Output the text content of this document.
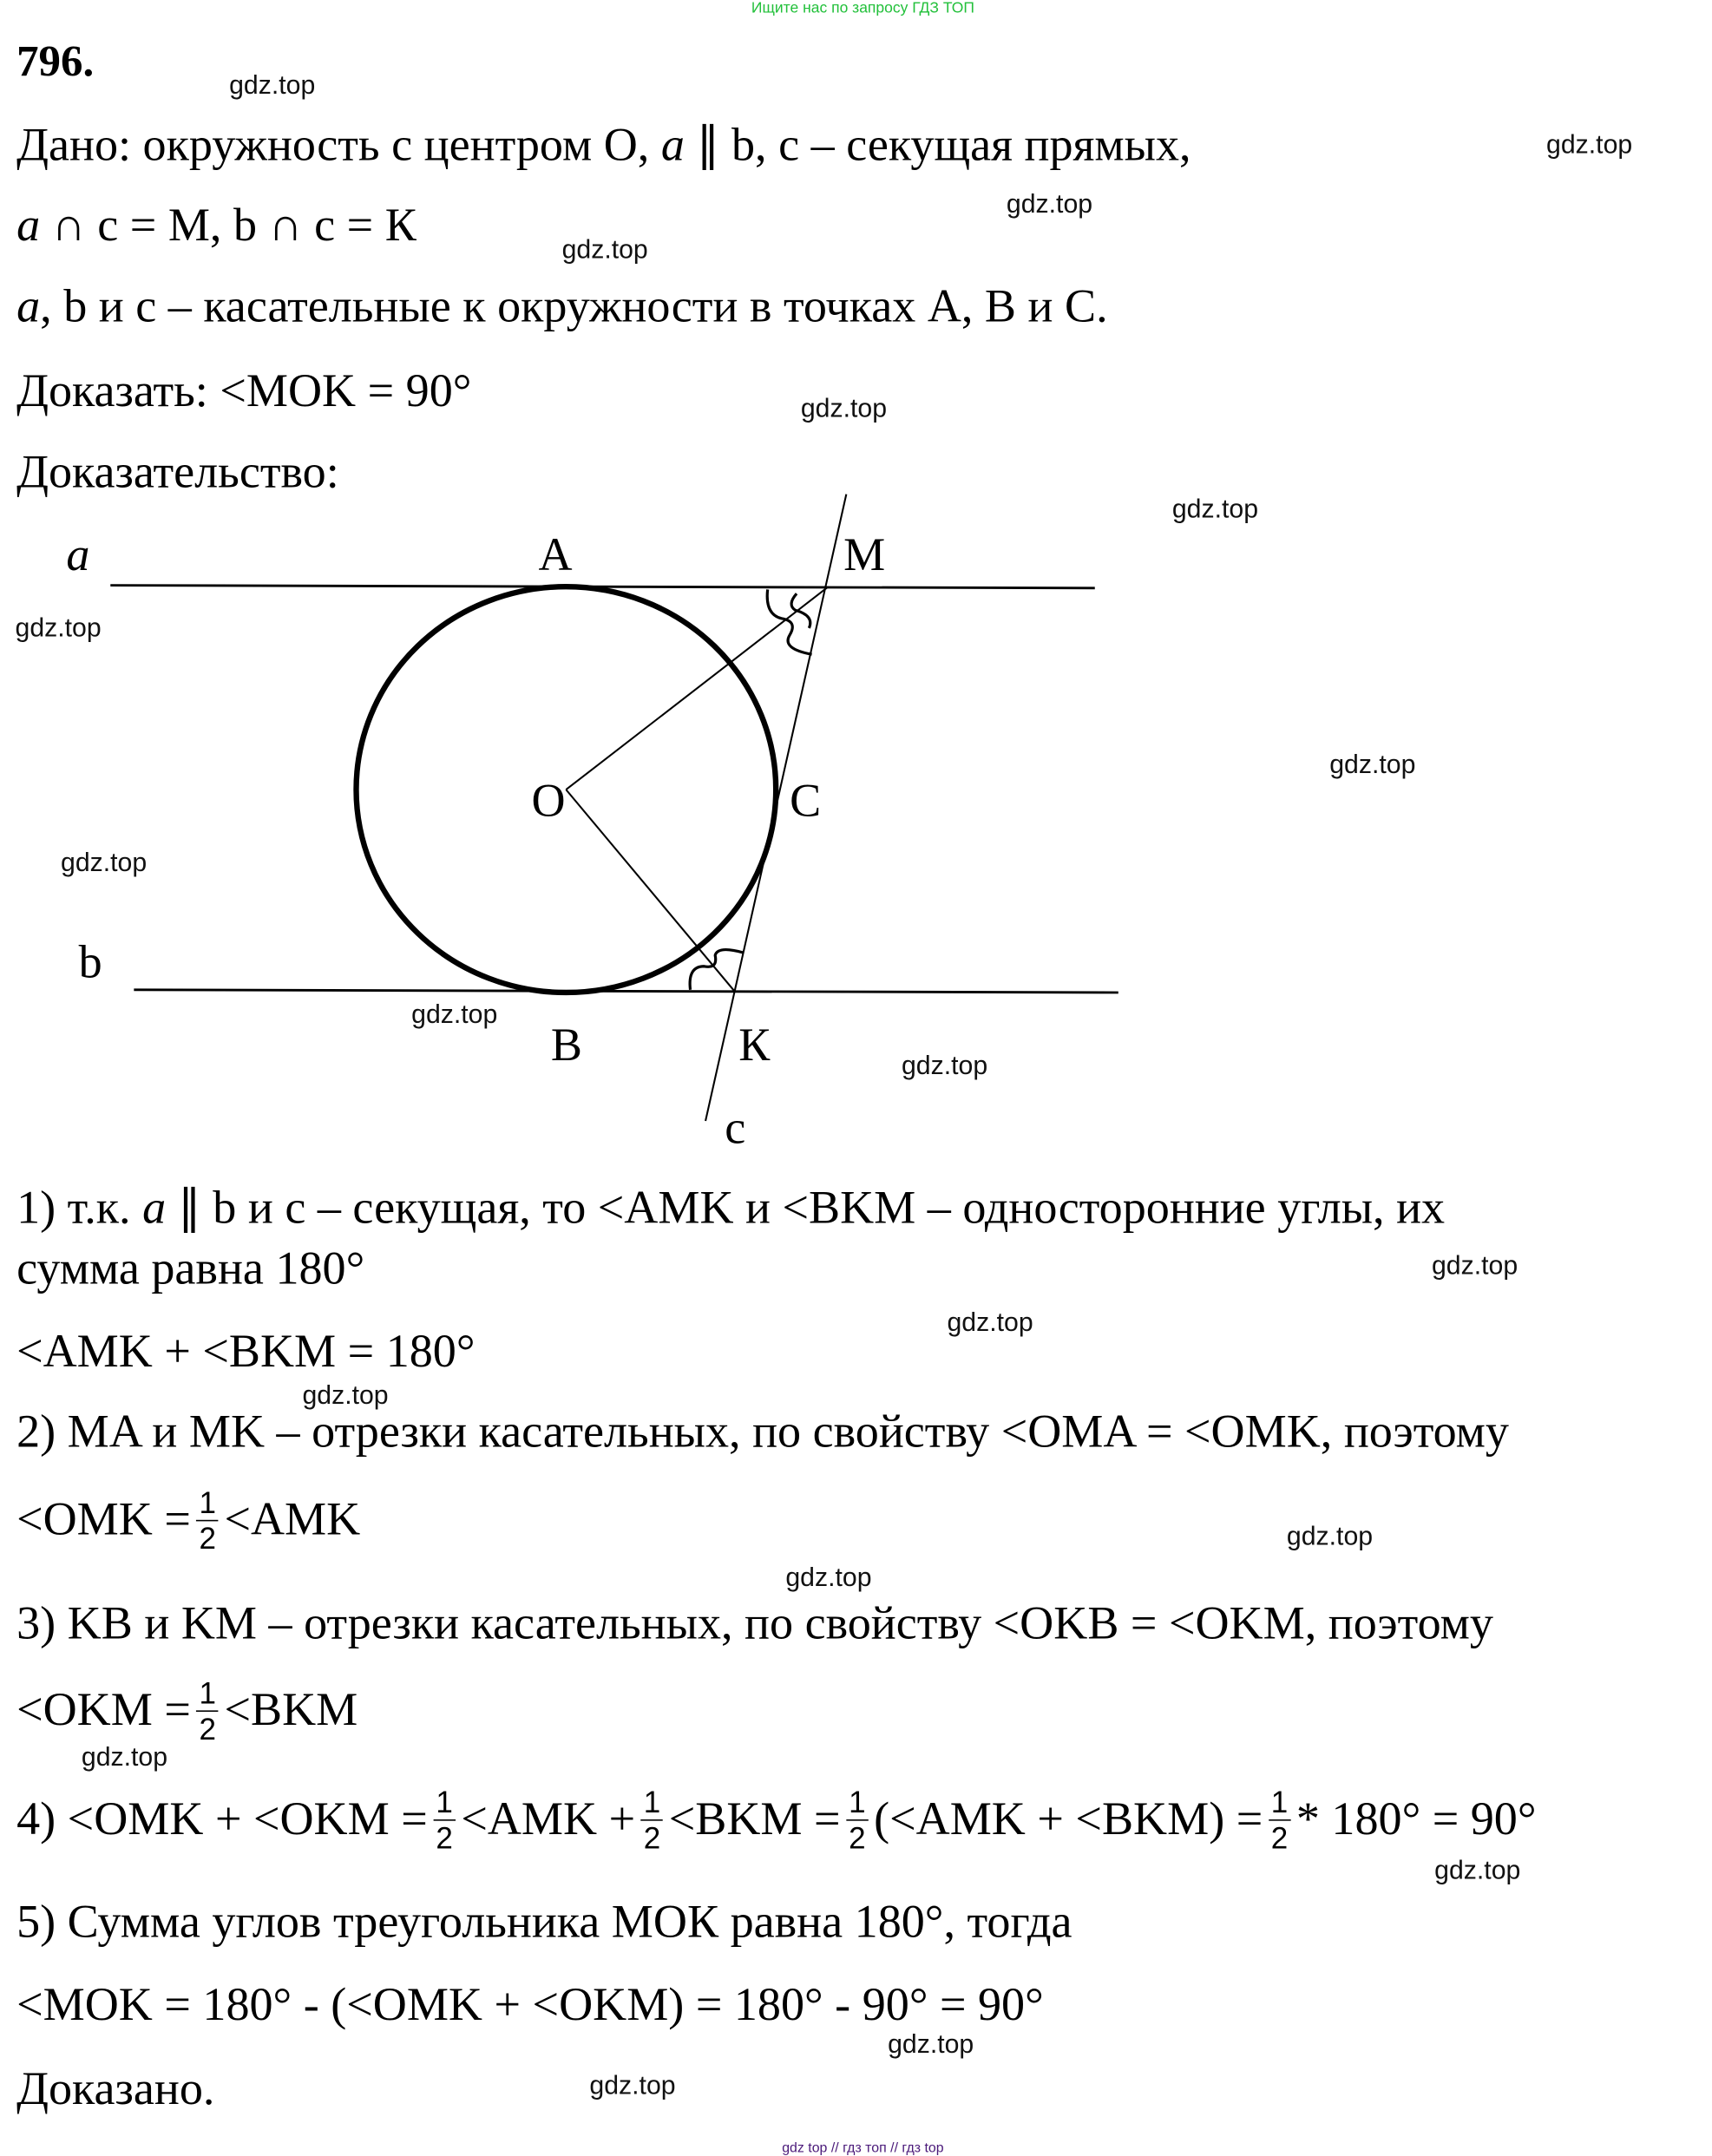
Ищите нас по запросу ГДЗ ТОП
796.
Дано: окружность с центром О, a ∥ b, c – секущая прямых,
a ∩ c = M, b ∩ c = К
a, b и c – касательные к окружности в точках А, В и С.
Доказать: <MOK = 90°
Доказательство:
a
b
c
A
B
C
M
К
O
1) т.к. a ∥ b и c – секущая, то <AMK и <BKM – односторонние углы, их
сумма равна 180°
<AMK + <BKM = 180°
2) MA и MK – отрезки касательных, по свойству <OMA = <OMK, поэтому
$<OMK = \frac{1}{2} <AMK$
3) KB и KM – отрезки касательных, по свойству <OKB = <OKM, поэтому
$<OKM = \frac{1}{2} <BKM$
$4) <OMK + <OKM = \frac{1}{2} <AMK + \frac{1}{2} <BKM = \frac{1}{2} (<AMK + <BKM) = \frac{1}{2} * 180^\circ = 90^\circ$
5) Сумма углов треугольника МОК равна 180°, тогда
<MOK = 180° - (<OMK + <OKM) = 180° - 90° = 90°
Доказано.
gdz.top
gdz.top
gdz.top
gdz.top
gdz.top
gdz.top
gdz.top
gdz.top
gdz.top
gdz.top
gdz.top
gdz.top
gdz.top
gdz.top
gdz.top
gdz.top
gdz.top
gdz.top
gdz.top
gdz.top
gdz top // гдз топ // гдз top
